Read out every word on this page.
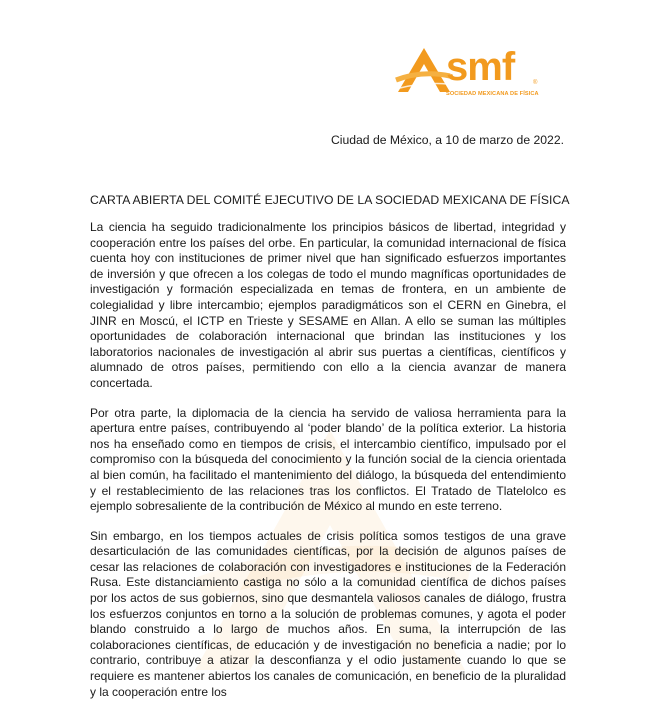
smf	®
SOCIEDAD MEXICANA DE FÍSICA
Ciudad de México, a 10 de marzo de 2022.
CARTA ABIERTA DEL COMITÉ EJECUTIVO DE LA SOCIEDAD MEXICANA DE FÍSICA

La ciencia ha seguido tradicionalmente los principios básicos de libertad, integridad y cooperación entre los países del orbe. En particular, la comunidad internacional de física cuenta hoy con instituciones de primer nivel que han significado esfuerzos importantes de inversión y que ofrecen a los colegas de todo el mundo magníficas oportunidades de investigación y formación especializada en temas de frontera, en un ambiente de colegialidad y libre intercambio; ejemplos paradigmáticos son el CERN en Ginebra, el JINR en Moscú, el ICTP en Trieste y SESAME en Allan. A ello se suman las múltiples oportunidades de colaboración internacional que brindan las instituciones y los laboratorios nacionales de investigación al abrir sus puertas a científicas, científicos y alumnado de otros países, permitiendo con ello a la ciencia avanzar de manera concertada.

Por otra parte, la diplomacia de la ciencia ha servido de valiosa herramienta para la apertura entre países, contribuyendo al ‘poder blando’ de la política exterior. La historia nos ha enseñado como en tiempos de crisis, el intercambio científico, impulsado por el compromiso con la búsqueda del conocimiento y la función social de la ciencia orientada al bien común, ha facilitado el mantenimiento del diálogo, la búsqueda del entendimiento y el restablecimiento de las relaciones tras los conflictos. El Tratado de Tlatelolco es ejemplo sobresaliente de la contribución de México al mundo en este terreno.

Sin embargo, en los tiempos actuales de crisis política somos testigos de una grave desarticulación de las comunidades científicas, por la decisión de algunos países de cesar las relaciones de colaboración con investigadores e instituciones de la Federación Rusa. Este distanciamiento castiga no sólo a la comunidad científica de dichos países por los actos de sus gobiernos, sino que desmantela valiosos canales de diálogo, frustra los esfuerzos conjuntos en torno a la solución de problemas comunes, y agota el poder blando construido a lo largo de muchos años. En suma, la interrupción de las colaboraciones científicas, de educación y de investigación no beneficia a nadie; por lo contrario, contribuye a atizar la desconfianza y el odio justamente cuando lo que se requiere es mantener abiertos los canales de comunicación, en beneficio de la pluralidad y la cooperación entre los
